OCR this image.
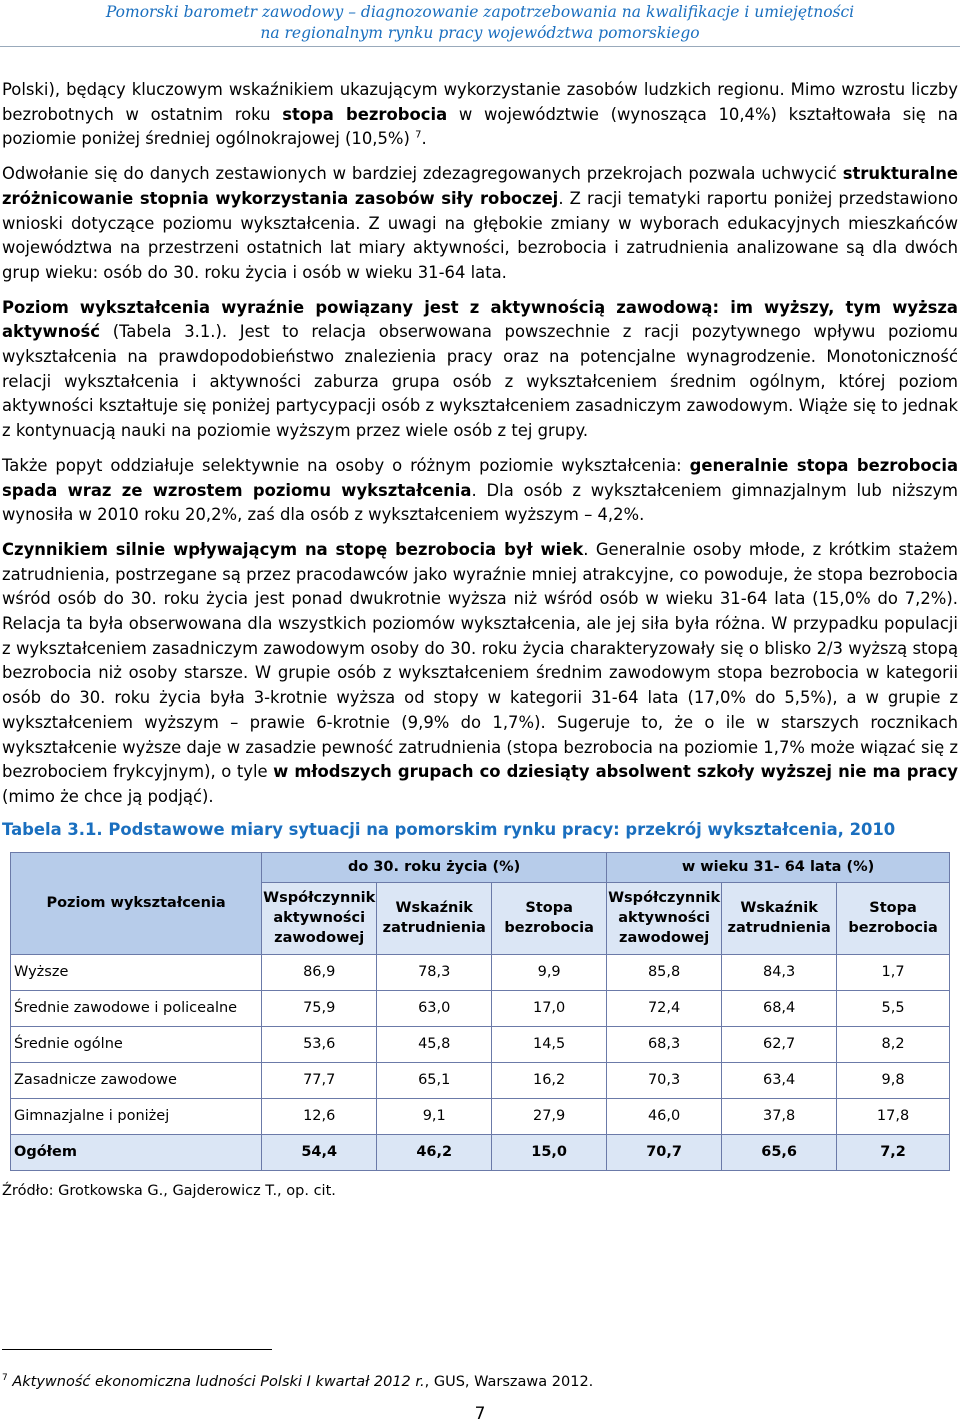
Pomorski barometr zawodowy – diagnozowanie zapotrzebowania na kwalifikacje i umiejętności
na regionalnym rynku pracy województwa pomorskiego

Polski), będący kluczowym wskaźnikiem ukazującym wykorzystanie zasobów ludzkich regionu. Mimo wzrostu liczby bezrobotnych w ostatnim roku stopa bezrobocia w województwie (wynosząca 10,4%) kształtowała się na poziomie poniżej średniej ogólnokrajowej (10,5%) $^7$.

Odwołanie się do danych zestawionych w bardziej zdezagregowanych przekrojach pozwala uchwycić strukturalne zróżnicowanie stopnia wykorzystania zasobów siły roboczej. Z racji tematyki raportu poniżej przedstawiono wnioski dotyczące poziomu wykształcenia. Z uwagi na głębokie zmiany w wyborach edukacyjnych mieszkańców województwa na przestrzeni ostatnich lat miary aktywności, bezrobocia i zatrudnienia analizowane są dla dwóch grup wieku: osób do 30. roku życia i osób w wieku 31-64 lata.

Poziom wykształcenia wyraźnie powiązany jest z aktywnością zawodową: im wyższy, tym wyższa aktywność (Tabela 3.1.). Jest to relacja obserwowana powszechnie z racji pozytywnego wpływu poziomu wykształcenia na prawdopodobieństwo znalezienia pracy oraz na potencjalne wynagrodzenie. Monotoniczność relacji wykształcenia i aktywności zaburza grupa osób z wykształceniem średnim ogólnym, której poziom aktywności kształtuje się poniżej partycypacji osób z wykształceniem zasadniczym zawodowym. Wiąże się to jednak z kontynuacją nauki na poziomie wyższym przez wiele osób z tej grupy.

Także popyt oddziałuje selektywnie na osoby o różnym poziomie wykształcenia: generalnie stopa bezrobocia spada wraz ze wzrostem poziomu wykształcenia. Dla osób z wykształceniem gimnazjalnym lub niższym wynosiła w 2010 roku 20,2%, zaś dla osób z wykształceniem wyższym – 4,2%.

Czynnikiem silnie wpływającym na stopę bezrobocia był wiek. Generalnie osoby młode, z krótkim stażem zatrudnienia, postrzegane są przez pracodawców jako wyraźnie mniej atrakcyjne, co powoduje, że stopa bezrobocia wśród osób do 30. roku życia jest ponad dwukrotnie wyższa niż wśród osób w wieku 31-64 lata (15,0% do 7,2%). Relacja ta była obserwowana dla wszystkich poziomów wykształcenia, ale jej siła była różna. W przypadku populacji z wykształceniem zasadniczym zawodowym osoby do 30. roku życia charakteryzowały się o blisko 2/3 wyższą stopą bezrobocia niż osoby starsze. W grupie osób z wykształceniem średnim zawodowym stopa bezrobocia w kategorii osób do 30. roku życia była 3-krotnie wyższa od stopy w kategorii 31-64 lata (17,0% do 5,5%), a w grupie z wykształceniem wyższym – prawie 6-krotnie (9,9% do 1,7%). Sugeruje to, że o ile w starszych rocznikach wykształcenie wyższe daje w zasadzie pewność zatrudnienia (stopa bezrobocia na poziomie 1,7% może wiązać się z bezrobociem frykcyjnym), o tyle w młodszych grupach co dziesiąty absolwent szkoły wyższej nie ma pracy (mimo że chce ją podjąć).

Tabela 3.1. Podstawowe miary sytuacji na pomorskim rynku pracy: przekrój wykształcenia, 2010
Poziom wykształcenia	do 30. roku życia (%)			w wieku 31- 64 lata (%)		
	Współczynnik aktywności zawodowej	Wskaźnik zatrudnienia	Stopa bezrobocia	Współczynnik aktywności zawodowej	Wskaźnik zatrudnienia	Stopa bezrobocia
Wyższe	86,9	78,3	9,9	85,8	84,3	1,7
Średnie zawodowe i policealne	75,9	63,0	17,0	72,4	68,4	5,5
Średnie ogólne	53,6	45,8	14,5	68,3	62,7	8,2
Zasadnicze zawodowe	77,7	65,1	16,2	70,3	63,4	9,8
Gimnazjalne i poniżej	12,6	9,1	27,9	46,0	37,8	17,8
Ogółem	54,4	46,2	15,0	70,7	65,6	7,2
Źródło: Grotkowska G., Gajderowicz T., op. cit.
$^7$ Aktywność ekonomiczna ludności Polski I kwartał 2012 r., GUS, Warszawa 2012.
7
